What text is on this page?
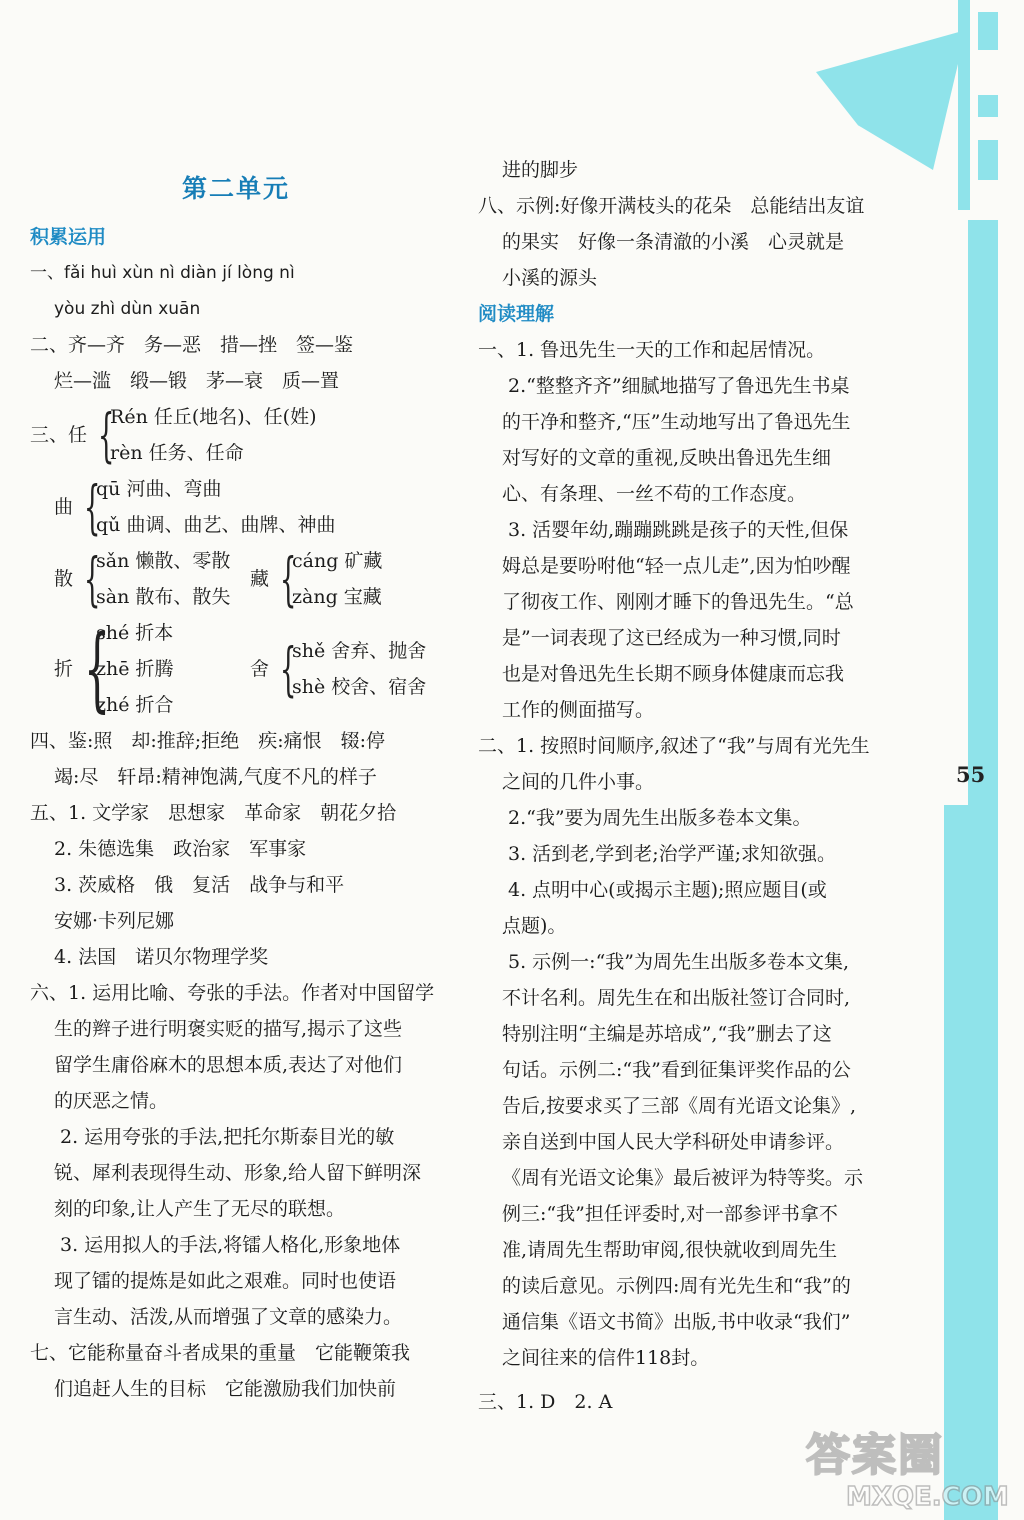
55
第二单元
积累运用
一、fǎi huì xùn nì diàn jí lòng nì
yòu zhì dùn xuān
二、齐—齐　务—恶　措—挫　签—鉴
烂—滥　缎—锻　茅—衰　质—置
三、 任 {
Rén 任丘(地名)、任(姓)
rèn 任务、任命
曲 {
qū 河曲、弯曲
qǔ 曲调、曲艺、曲牌、神曲
散 {
sǎn 懒散、零散
sàn 散布、散失
藏 {
cáng 矿藏
zàng 宝藏
折 {
shé 折本
zhē 折腾
zhé 折合
舍 {
shě 舍弃、抛舍
shè 校舍、宿舍
四、鉴:照　却:推辞;拒绝　疾:痛恨　辍:停
竭:尽　轩昂:精神饱满,气度不凡的样子
五、1. 文学家　思想家　革命家　朝花夕拾
2. 朱德选集　政治家　军事家
3. 茨威格　俄　复活　战争与和平
安娜·卡列尼娜
4. 法国　诺贝尔物理学奖
六、1. 运用比喻、夸张的手法。作者对中国留学
生的辫子进行明褒实贬的描写,揭示了这些
留学生庸俗麻木的思想本质,表达了对他们
的厌恶之情。
2. 运用夸张的手法,把托尔斯泰目光的敏
锐、犀利表现得生动、形象,给人留下鲜明深
刻的印象,让人产生了无尽的联想。
3. 运用拟人的手法,将镭人格化,形象地体
现了镭的提炼是如此之艰难。同时也使语
言生动、活泼,从而增强了文章的感染力。
七、它能称量奋斗者成果的重量　它能鞭策我
们追赶人生的目标　它能激励我们加快前
进的脚步
八、示例:好像开满枝头的花朵　总能结出友谊
的果实　好像一条清澈的小溪　心灵就是
小溪的源头
阅读理解
一、1. 鲁迅先生一天的工作和起居情况。
2.“整整齐齐”细腻地描写了鲁迅先生书桌
的干净和整齐,“压”生动地写出了鲁迅先生
对写好的文章的重视,反映出鲁迅先生细
心、有条理、一丝不苟的工作态度。
3. 活婴年幼,蹦蹦跳跳是孩子的天性,但保
姆总是要吩咐他“轻一点儿走”,因为怕吵醒
了彻夜工作、刚刚才睡下的鲁迅先生。“总
是”一词表现了这已经成为一种习惯,同时
也是对鲁迅先生长期不顾身体健康而忘我
工作的侧面描写。
二、1. 按照时间顺序,叙述了“我”与周有光先生
之间的几件小事。
2.“我”要为周先生出版多卷本文集。
3. 活到老,学到老;治学严谨;求知欲强。
4. 点明中心(或揭示主题);照应题目(或
点题)。
5. 示例一:“我”为周先生出版多卷本文集,
不计名利。周先生在和出版社签订合同时,
特别注明“主编是苏培成”,“我”删去了这
句话。示例二:“我”看到征集评奖作品的公
告后,按要求买了三部《周有光语文论集》,
亲自送到中国人民大学科研处申请参评。
《周有光语文论集》最后被评为特等奖。示
例三:“我”担任评委时,对一部参评书拿不
准,请周先生帮助审阅,很快就收到周先生
的读后意见。示例四:周有光先生和“我”的
通信集《语文书简》出版,书中收录“我们”
之间往来的信件118封。
三、1. D　2. A
答案圈
MXQE.COM
